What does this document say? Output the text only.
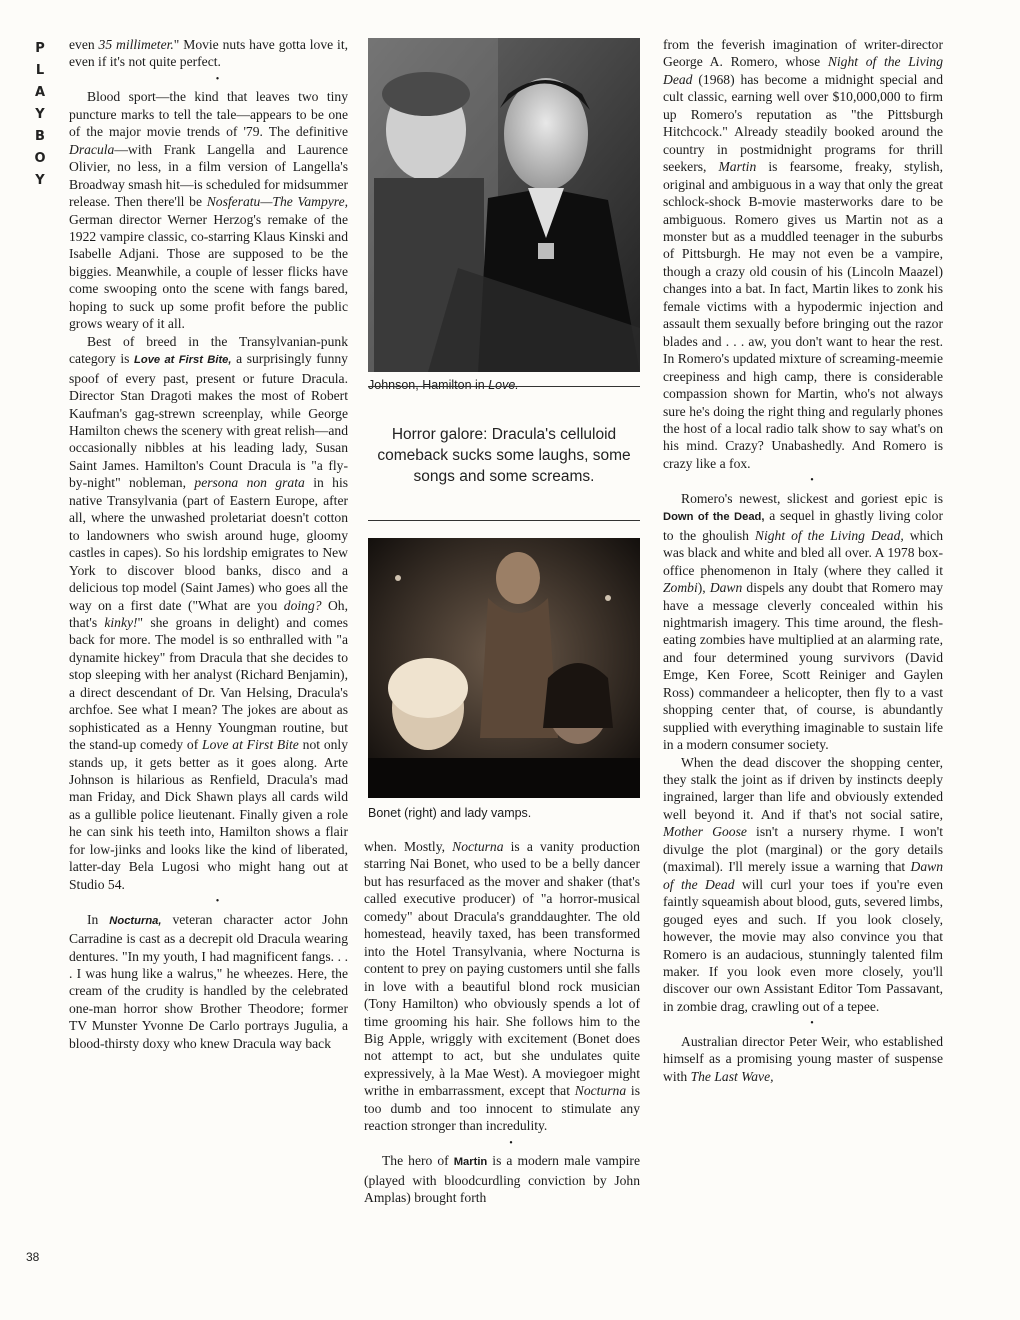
P
L
A
Y
B
O
Y
38

even 35 millimeter." Movie nuts have gotta love it, even if it's not quite perfect.

•

Blood sport—the kind that leaves two tiny puncture marks to tell the tale—appears to be one of the major movie trends of '79. The definitive Dracula—with Frank Langella and Laurence Olivier, no less, in a film version of Langella's Broadway smash hit—is scheduled for midsummer release. Then there'll be Nosferatu—The Vampyre, German director Werner Herzog's remake of the 1922 vampire classic, co-starring Klaus Kinski and Isabelle Adjani. Those are supposed to be the biggies. Meanwhile, a couple of lesser flicks have come swooping onto the scene with fangs bared, hoping to suck up some profit before the public grows weary of it all.

Best of breed in the Transylvanian-punk category is Love at First Bite, a surprisingly funny spoof of every past, present or future Dracula. Director Stan Dragoti makes the most of Robert Kaufman's gag-strewn screenplay, while George Hamilton chews the scenery with great relish—and occasionally nibbles at his leading lady, Susan Saint James. Hamilton's Count Dracula is "a fly-by-night" nobleman, persona non grata in his native Transylvania (part of Eastern Europe, after all, where the unwashed proletariat doesn't cotton to landowners who swish around huge, gloomy castles in capes). So his lordship emigrates to New York to discover blood banks, disco and a delicious top model (Saint James) who goes all the way on a first date ("What are you doing? Oh, that's kinky!" she groans in delight) and comes back for more. The model is so enthralled with "a dynamite hickey" from Dracula that she decides to stop sleeping with her analyst (Richard Benjamin), a direct descendant of Dr. Van Helsing, Dracula's archfoe. See what I mean? The jokes are about as sophisticated as a Henny Youngman routine, but the stand-up comedy of Love at First Bite not only stands up, it gets better as it goes along. Arte Johnson is hilarious as Renfield, Dracula's mad man Friday, and Dick Shawn plays all cards wild as a gullible police lieutenant. Finally given a role he can sink his teeth into, Hamilton shows a flair for low-jinks and looks like the kind of liberated, latter-day Bela Lugosi who might hang out at Studio 54.

•

In Nocturna, veteran character actor John Carradine is cast as a decrepit old Dracula wearing dentures. "In my youth, I had magnificent fangs. . . . I was hung like a walrus," he wheezes. Here, the cream of the crudity is handled by the celebrated one-man horror show Brother Theodore; former TV Munster Yvonne De Carlo portrays Jugulia, a blood-thirsty doxy who knew Dracula way back

Johnson, Hamilton in Love.
Horror galore: Dracula's celluloid comeback sucks some laughs, some songs and some screams.
Bonet (right) and lady vamps.

when. Mostly, Nocturna is a vanity production starring Nai Bonet, who used to be a belly dancer but has resurfaced as the mover and shaker (that's called executive producer) of "a horror-musical comedy" about Dracula's granddaughter. The old homestead, heavily taxed, has been transformed into the Hotel Transylvania, where Nocturna is content to prey on paying customers until she falls in love with a beautiful blond rock musician (Tony Hamilton) who obviously spends a lot of time grooming his hair. She follows him to the Big Apple, wriggly with excitement (Bonet does not attempt to act, but she undulates quite expressively, à la Mae West). A moviegoer might writhe in embarrassment, except that Nocturna is too dumb and too innocent to stimulate any reaction stronger than incredulity.

•

The hero of Martin is a modern male vampire (played with bloodcurdling conviction by John Amplas) brought forth

from the feverish imagination of writer-director George A. Romero, whose Night of the Living Dead (1968) has become a midnight special and cult classic, earning well over $10,000,000 to firm up Romero's reputation as "the Pittsburgh Hitchcock." Already steadily booked around the country in postmidnight programs for thrill seekers, Martin is fearsome, freaky, stylish, original and ambiguous in a way that only the great schlock-shock B-movie masterworks dare to be ambiguous. Romero gives us Martin not as a monster but as a muddled teenager in the suburbs of Pittsburgh. He may not even be a vampire, though a crazy old cousin of his (Lincoln Maazel) changes into a bat. In fact, Martin likes to zonk his female victims with a hypodermic injection and assault them sexually before bringing out the razor blades and . . . aw, you don't want to hear the rest. In Romero's updated mixture of screaming-meemie creepiness and high camp, there is considerable compassion shown for Martin, who's not always sure he's doing the right thing and regularly phones the host of a local radio talk show to say what's on his mind. Crazy? Unabashedly. And Romero is crazy like a fox.

•

Romero's newest, slickest and goriest epic is Down of the Dead, a sequel in ghastly living color to the ghoulish Night of the Living Dead, which was black and white and bled all over. A 1978 box-office phenomenon in Italy (where they called it Zombi), Dawn dispels any doubt that Romero may have a message cleverly concealed within his nightmarish imagery. This time around, the flesh-eating zombies have multiplied at an alarming rate, and four determined young survivors (David Emge, Ken Foree, Scott Reiniger and Gaylen Ross) commandeer a helicopter, then fly to a vast shopping center that, of course, is abundantly supplied with everything imaginable to sustain life in a modern consumer society.

When the dead discover the shopping center, they stalk the joint as if driven by instincts deeply ingrained, larger than life and obviously extended well beyond it. And if that's not social satire, Mother Goose isn't a nursery rhyme. I won't divulge the plot (marginal) or the gory details (maximal). I'll merely issue a warning that Dawn of the Dead will curl your toes if you're even faintly squeamish about blood, guts, severed limbs, gouged eyes and such. If you look closely, however, the movie may also convince you that Romero is an audacious, stunningly talented film maker. If you look even more closely, you'll discover our own Assistant Editor Tom Passavant, in zombie drag, crawling out of a tepee.

•

Australian director Peter Weir, who established himself as a promising young master of suspense with The Last Wave,
